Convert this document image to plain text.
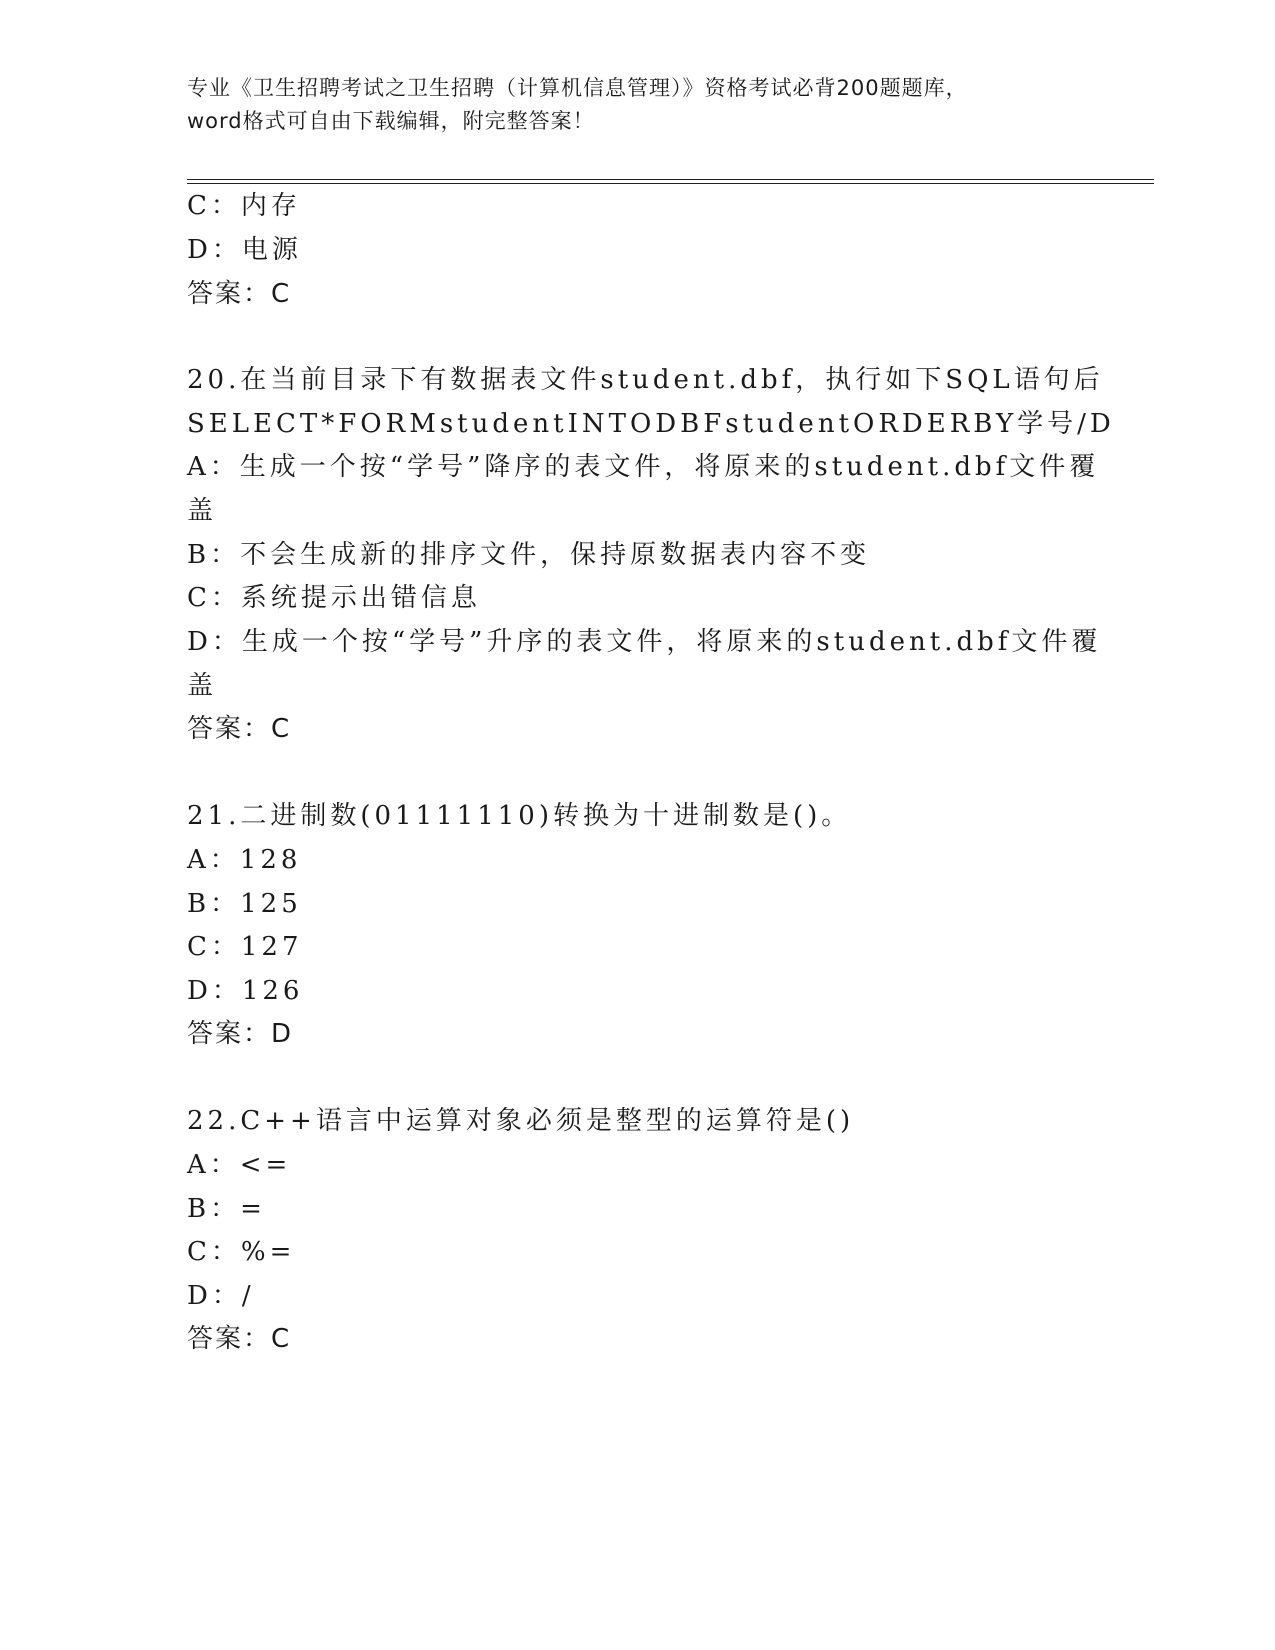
专业《卫生招聘考试之卫生招聘（计算机信息管理）》资格考试必背200题题库，
word格式可自由下载编辑，附完整答案！
C：内存
D：电源
答案：C
20.在当前目录下有数据表文件student.dbf，执行如下SQL语句后
SELECT*FORMstudentINTODBFstudentORDERBY学号/D
A：生成一个按“学号”降序的表文件，将原来的student.dbf文件覆
盖
B：不会生成新的排序文件，保持原数据表内容不变
C：系统提示出错信息
D：生成一个按“学号”升序的表文件，将原来的student.dbf文件覆
盖
答案：C
21.二进制数(01111110)转换为十进制数是()。
A：128
B：125
C：127
D：126
答案：D
22.C++语言中运算对象必须是整型的运算符是()
A：<=
B：=
C：%=
D：/
答案：C
